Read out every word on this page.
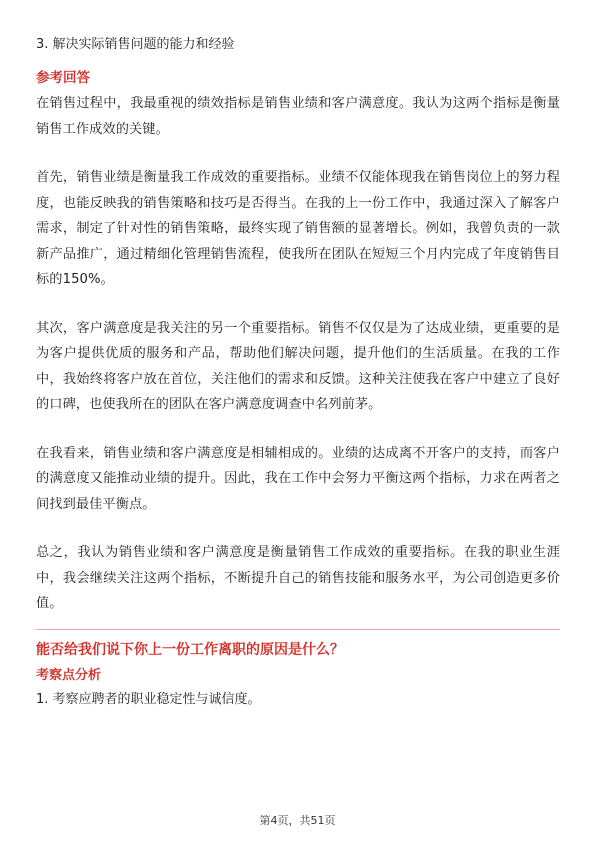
3. 解决实际销售问题的能力和经验

参考回答

在销售过程中，我最重视的绩效指标是销售业绩和客户满意度。我认为这两个指标是衡量销售工作成效的关键。

首先，销售业绩是衡量我工作成效的重要指标。业绩不仅能体现我在销售岗位上的努力程度，也能反映我的销售策略和技巧是否得当。在我的上一份工作中，我通过深入了解客户需求，制定了针对性的销售策略，最终实现了销售额的显著增长。例如，我曾负责的一款新产品推广，通过精细化管理销售流程，使我所在团队在短短三个月内完成了年度销售目标的150%。

其次，客户满意度是我关注的另一个重要指标。销售不仅仅是为了达成业绩，更重要的是为客户提供优质的服务和产品，帮助他们解决问题，提升他们的生活质量。在我的工作中，我始终将客户放在首位，关注他们的需求和反馈。这种关注使我在客户中建立了良好的口碑，也使我所在的团队在客户满意度调查中名列前茅。

在我看来，销售业绩和客户满意度是相辅相成的。业绩的达成离不开客户的支持，而客户的满意度又能推动业绩的提升。因此，我在工作中会努力平衡这两个指标，力求在两者之间找到最佳平衡点。

总之，我认为销售业绩和客户满意度是衡量销售工作成效的重要指标。在我的职业生涯中，我会继续关注这两个指标，不断提升自己的销售技能和服务水平，为公司创造更多价值。

能否给我们说下你上一份工作离职的原因是什么？

考察点分析

1. 考察应聘者的职业稳定性与诚信度。

第4页，共51页
